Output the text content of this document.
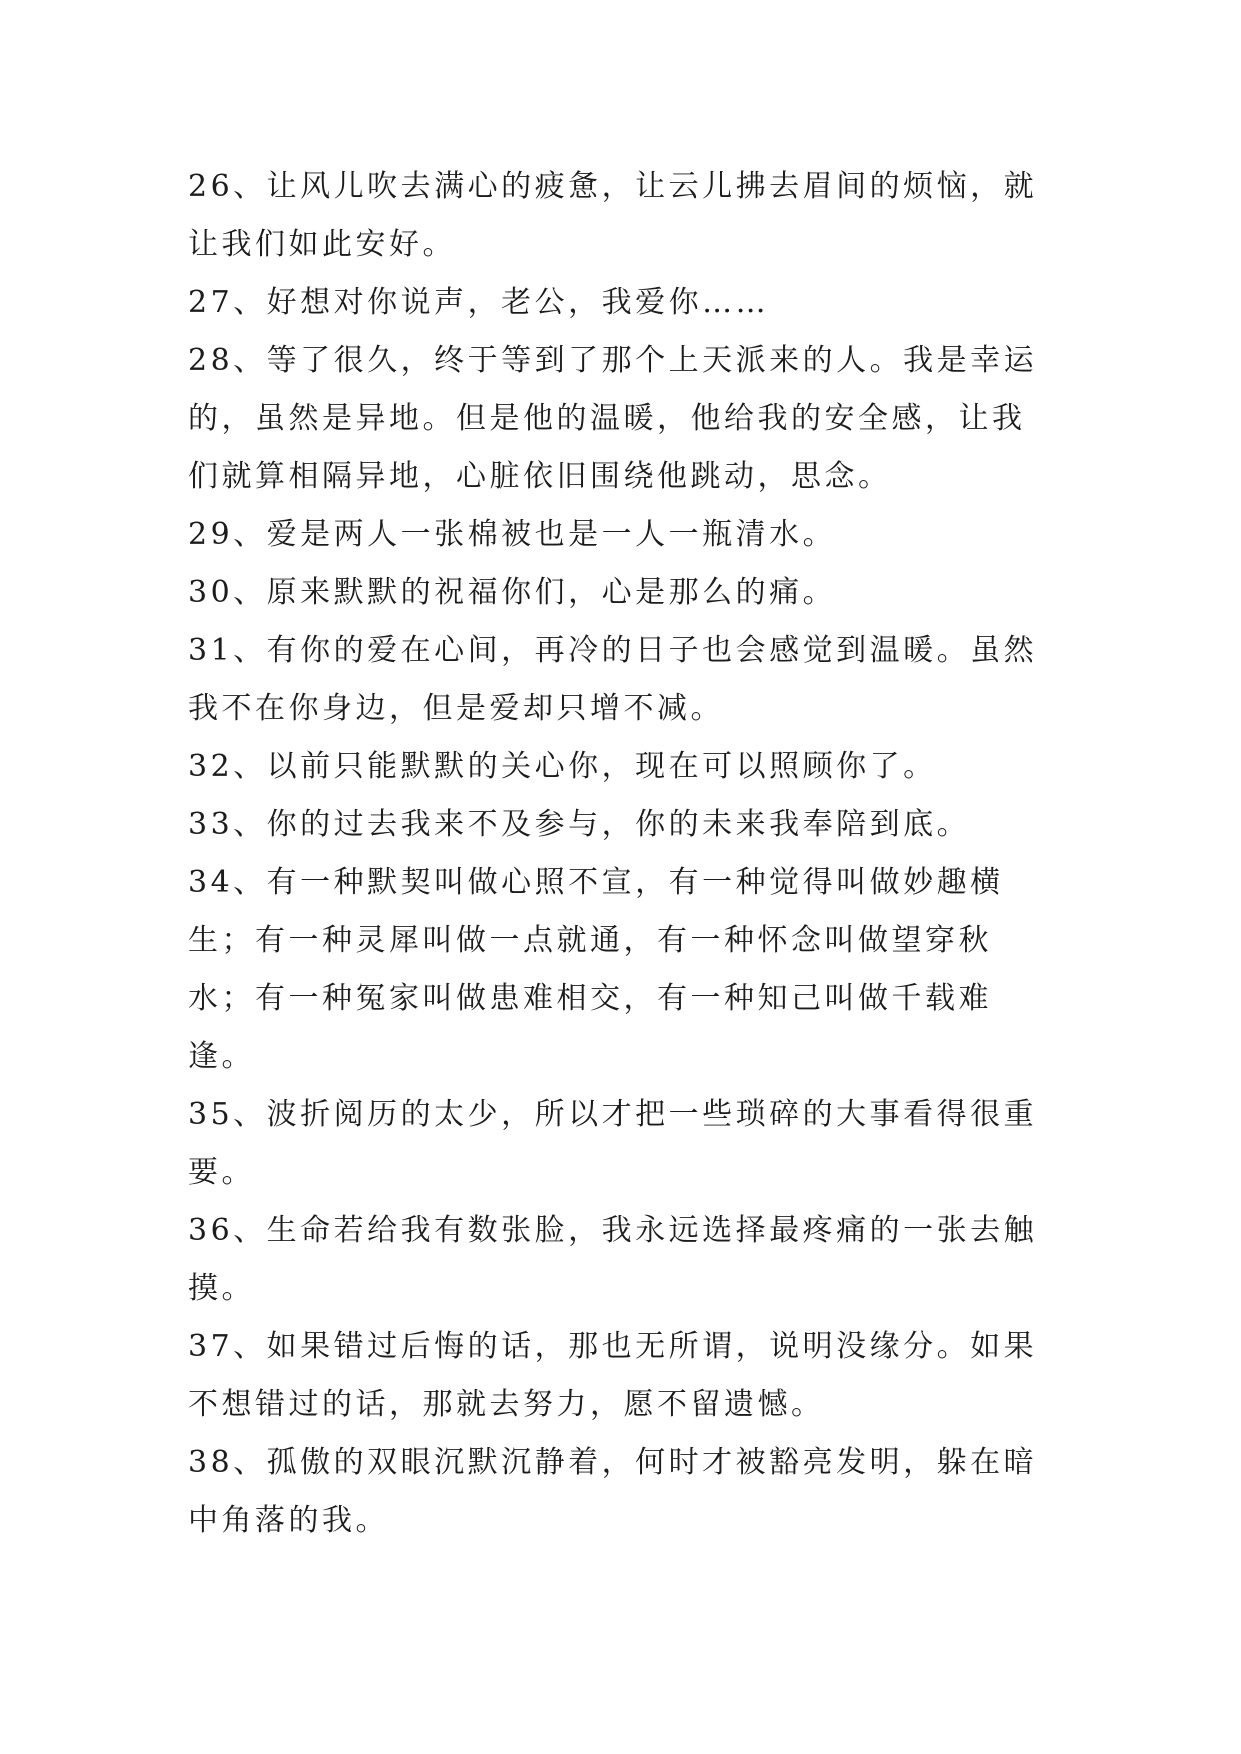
26、让风儿吹去满心的疲惫，让云儿拂去眉间的烦恼，就让我们如此安好。

27、好想对你说声，老公，我爱你……

28、等了很久，终于等到了那个上天派来的人。我是幸运的，虽然是异地。但是他的温暖，他给我的安全感，让我们就算相隔异地，心脏依旧围绕他跳动，思念。

29、爱是两人一张棉被也是一人一瓶清水。

30、原来默默的祝福你们，心是那么的痛。

31、有你的爱在心间，再冷的日子也会感觉到温暖。虽然我不在你身边，但是爱却只增不减。

32、以前只能默默的关心你，现在可以照顾你了。

33、你的过去我来不及参与，你的未来我奉陪到底。

34、有一种默契叫做心照不宣，有一种觉得叫做妙趣横生；有一种灵犀叫做一点就通，有一种怀念叫做望穿秋水；有一种冤家叫做患难相交，有一种知己叫做千载难逢。

35、波折阅历的太少，所以才把一些琐碎的大事看得很重要。

36、生命若给我有数张脸，我永远选择最疼痛的一张去触摸。

37、如果错过后悔的话，那也无所谓，说明没缘分。如果不想错过的话，那就去努力，愿不留遗憾。

38、孤傲的双眼沉默沉静着，何时才被豁亮发明，躲在暗中角落的我。
